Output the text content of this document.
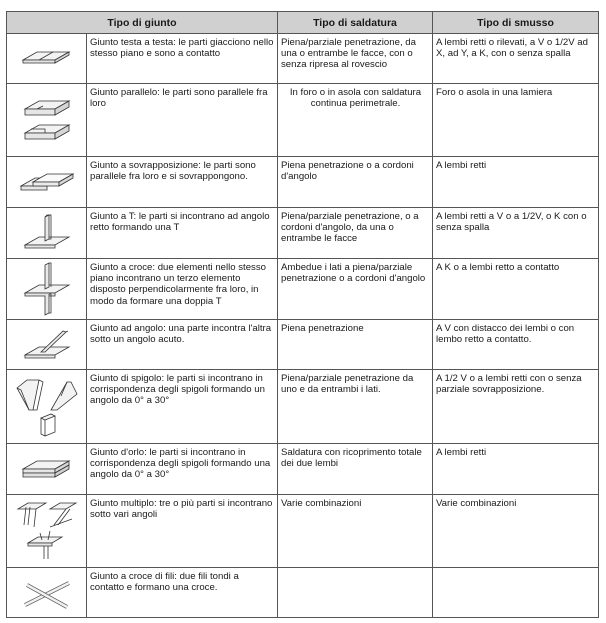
Tipo di giunto		Tipo di saldatura	Tipo di smusso

	Giunto testa a testa: le parti giacciono nello stesso piano e sono a contatto	Piena/parziale penetrazione, da una o entrambe le facce, con o senza ripresa al rovescio	A lembi retti o rilevati, a V o 1/2V ad X, ad Y, a K, con o senza spalla

	Giunto parallelo: le parti sono parallele fra loro	In foro o in asola con saldatura continua perimetrale.	Foro o asola in una lamiera

	Giunto a sovrapposizione: le parti sono parallele fra loro e si sovrappongono.	Piena penetrazione o a cordoni d'angolo	A lembi retti

	Giunto a T: le parti si incontrano ad angolo retto formando una T	Piena/parziale penetrazione, o a cordoni d'angolo, da una o entrambe le facce	A lembi retti a V o a 1/2V, o K con o senza spalla

	Giunto a croce: due elementi nello stesso piano incontrano un terzo elemento disposto perpendicolarmente fra loro, in modo da formare una doppia T	Ambedue i lati a piena/parziale penetrazione o a cordoni d'angolo	A K o a lembi retto a contatto

	Giunto ad angolo: una parte incontra l'altra sotto un angolo acuto.	Piena penetrazione	A V con distacco dei lembi o con lembo retto a contatto.

	Giunto di spigolo: le parti si incontrano in corrispondenza degli spigoli formando un angolo da 0° a 30°	Piena/parziale penetrazione da uno e da entrambi i lati.	A 1/2 V o a lembi retti con o senza parziale sovrapposizione.

	Giunto d'orlo: le parti si incontrano in corrispondenza degli spigoli formando una angolo da 0° a 30°	Saldatura con ricoprimento totale dei due lembi	A lembi retti

	Giunto multiplo: tre o più parti si incontrano sotto vari angoli	Varie combinazioni	Varie combinazioni

	Giunto a croce di fili: due fili tondi a contatto e formano una croce.		
